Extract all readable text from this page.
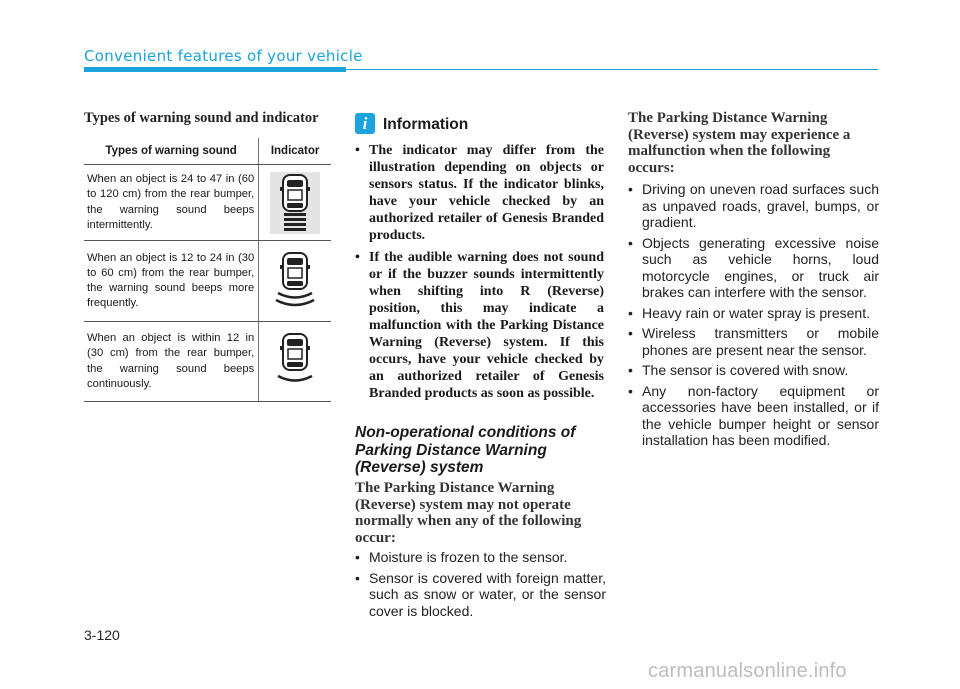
Convenient features of your vehicle
Types of warning sound and indicator
Types of warning sound	Indicator
When an object is 24 to 47 in (60 to 120 cm) from the rear bumper, the warning sound beeps intermittently.	

When an object is 12 to 24 in (30 to 60 cm) from the rear bumper, the warning sound beeps more frequently.	

When an object is within 12 in (30 cm) from the rear bumper, the warning sound beeps continuously.	
i	Information
• The indicator may differ from the illustration depending on objects or sensors status. If the indicator blinks, have your vehicle checked by an authorized retailer of Genesis Branded products.
• If the audible warning does not sound or if the buzzer sounds intermittently when shifting into R (Reverse) position, this may indicate a malfunction with the Parking Distance Warning (Reverse) system. If this occurs, have your vehicle checked by an authorized retailer of Genesis Branded products as soon as possible.
Non-operational conditions of Parking Distance Warning (Reverse) system
The Parking Distance Warning (Reverse) system may not operate normally when any of the following occur:
• Moisture is frozen to the sensor.
• Sensor is covered with foreign matter, such as snow or water, or the sensor cover is blocked.
The Parking Distance Warning (Reverse) system may experience a malfunction when the following occurs:
• Driving on uneven road surfaces such as unpaved roads, gravel, bumps, or gradient.
• Objects generating excessive noise such as vehicle horns, loud motorcycle engines, or truck air brakes can interfere with the sensor.
• Heavy rain or water spray is present.
• Wireless transmitters or mobile phones are present near the sensor.
• The sensor is covered with snow.
• Any non-factory equipment or accessories have been installed, or if the vehicle bumper height or sensor installation has been modified.
3-120
carmanualsonline.info
